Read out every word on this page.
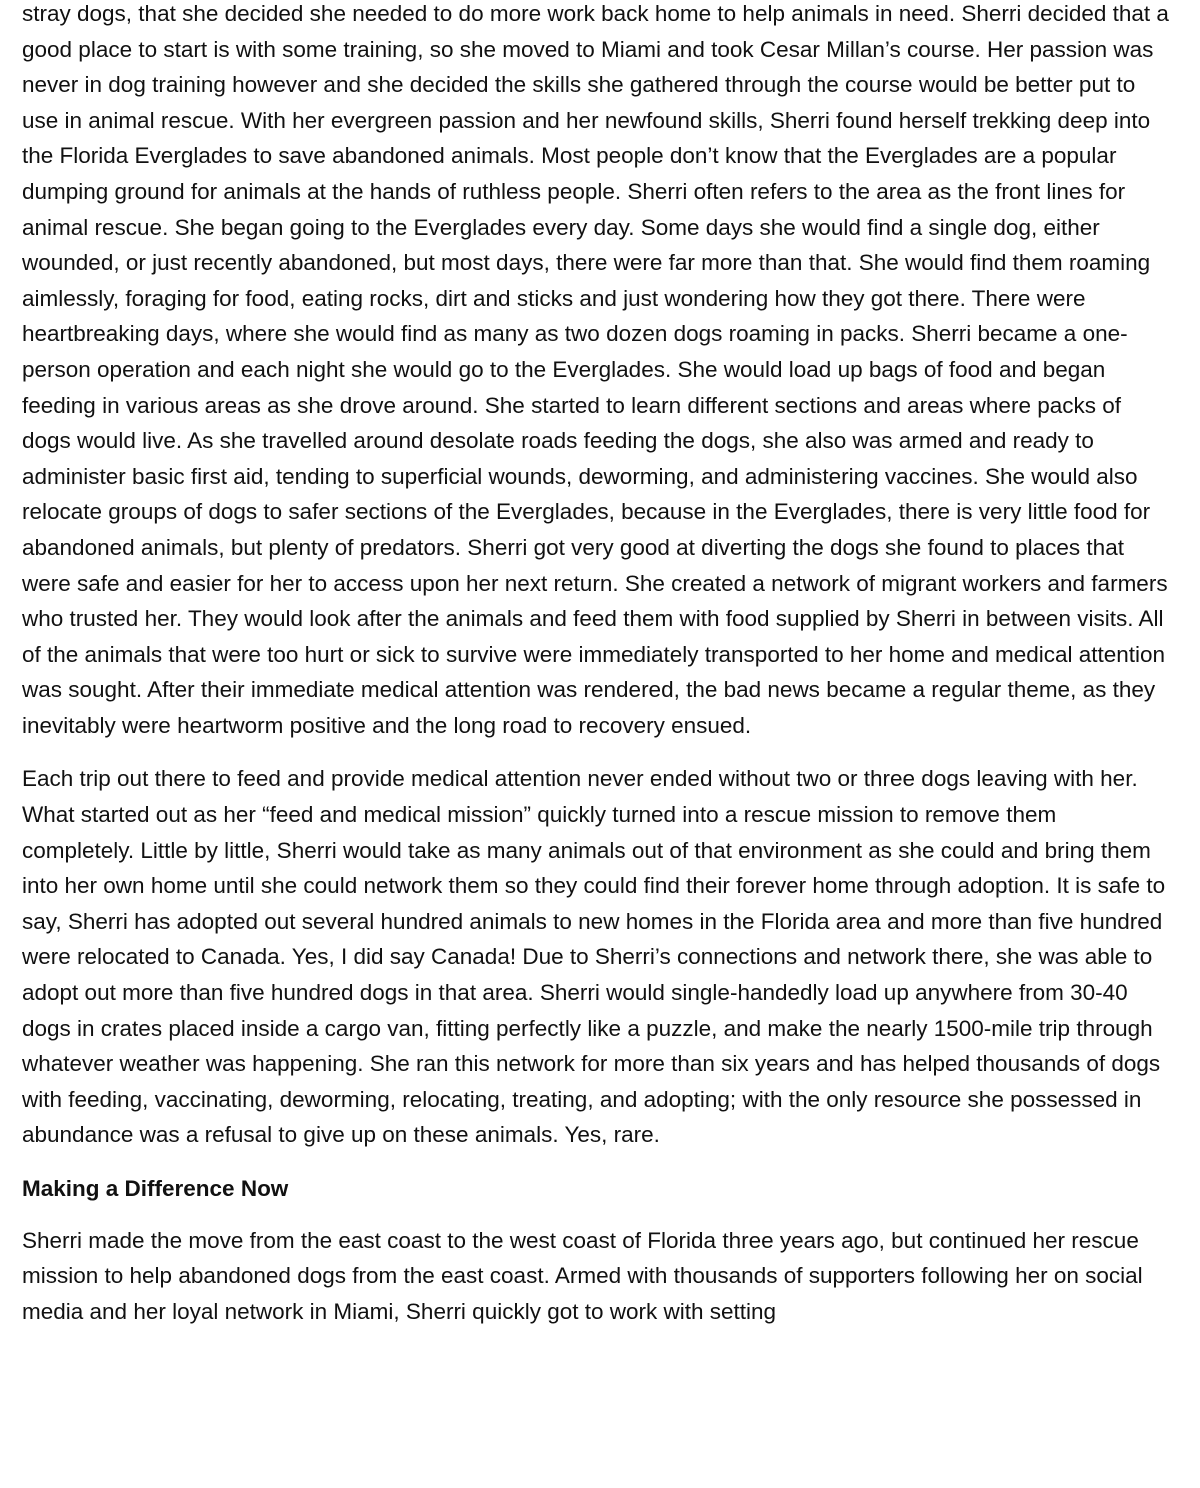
stray dogs, that she decided she needed to do more work back home to help animals in need. Sherri decided that a good place to start is with some training, so she moved to Miami and took Cesar Millan’s course. Her passion was never in dog training however and she decided the skills she gathered through the course would be better put to use in animal rescue. With her evergreen passion and her newfound skills, Sherri found herself trekking deep into the Florida Everglades to save abandoned animals. Most people don’t know that the Everglades are a popular dumping ground for animals at the hands of ruthless people. Sherri often refers to the area as the front lines for animal rescue. She began going to the Everglades every day. Some days she would find a single dog, either wounded, or just recently abandoned, but most days, there were far more than that. She would find them roaming aimlessly, foraging for food, eating rocks, dirt and sticks and just wondering how they got there. There were heartbreaking days, where she would find as many as two dozen dogs roaming in packs. Sherri became a one-person operation and each night she would go to the Everglades. She would load up bags of food and began feeding in various areas as she drove around. She started to learn different sections and areas where packs of dogs would live. As she travelled around desolate roads feeding the dogs, she also was armed and ready to administer basic first aid, tending to superficial wounds, deworming, and administering vaccines. She would also relocate groups of dogs to safer sections of the Everglades, because in the Everglades, there is very little food for abandoned animals, but plenty of predators. Sherri got very good at diverting the dogs she found to places that were safe and easier for her to access upon her next return. She created a network of migrant workers and farmers who trusted her. They would look after the animals and feed them with food supplied by Sherri in between visits. All of the animals that were too hurt or sick to survive were immediately transported to her home and medical attention was sought. After their immediate medical attention was rendered, the bad news became a regular theme, as they inevitably were heartworm positive and the long road to recovery ensued.

Each trip out there to feed and provide medical attention never ended without two or three dogs leaving with her. What started out as her “feed and medical mission” quickly turned into a rescue mission to remove them completely. Little by little, Sherri would take as many animals out of that environment as she could and bring them into her own home until she could network them so they could find their forever home through adoption. It is safe to say, Sherri has adopted out several hundred animals to new homes in the Florida area and more than five hundred were relocated to Canada. Yes, I did say Canada! Due to Sherri’s connections and network there, she was able to adopt out more than five hundred dogs in that area. Sherri would single-handedly load up anywhere from 30-40 dogs in crates placed inside a cargo van, fitting perfectly like a puzzle, and make the nearly 1500-mile trip through whatever weather was happening. She ran this network for more than six years and has helped thousands of dogs with feeding, vaccinating, deworming, relocating, treating, and adopting; with the only resource she possessed in abundance was a refusal to give up on these animals. Yes, rare.

Making a Difference Now

Sherri made the move from the east coast to the west coast of Florida three years ago, but continued her rescue mission to help abandoned dogs from the east coast. Armed with thousands of supporters following her on social media and her loyal network in Miami, Sherri quickly got to work with setting
